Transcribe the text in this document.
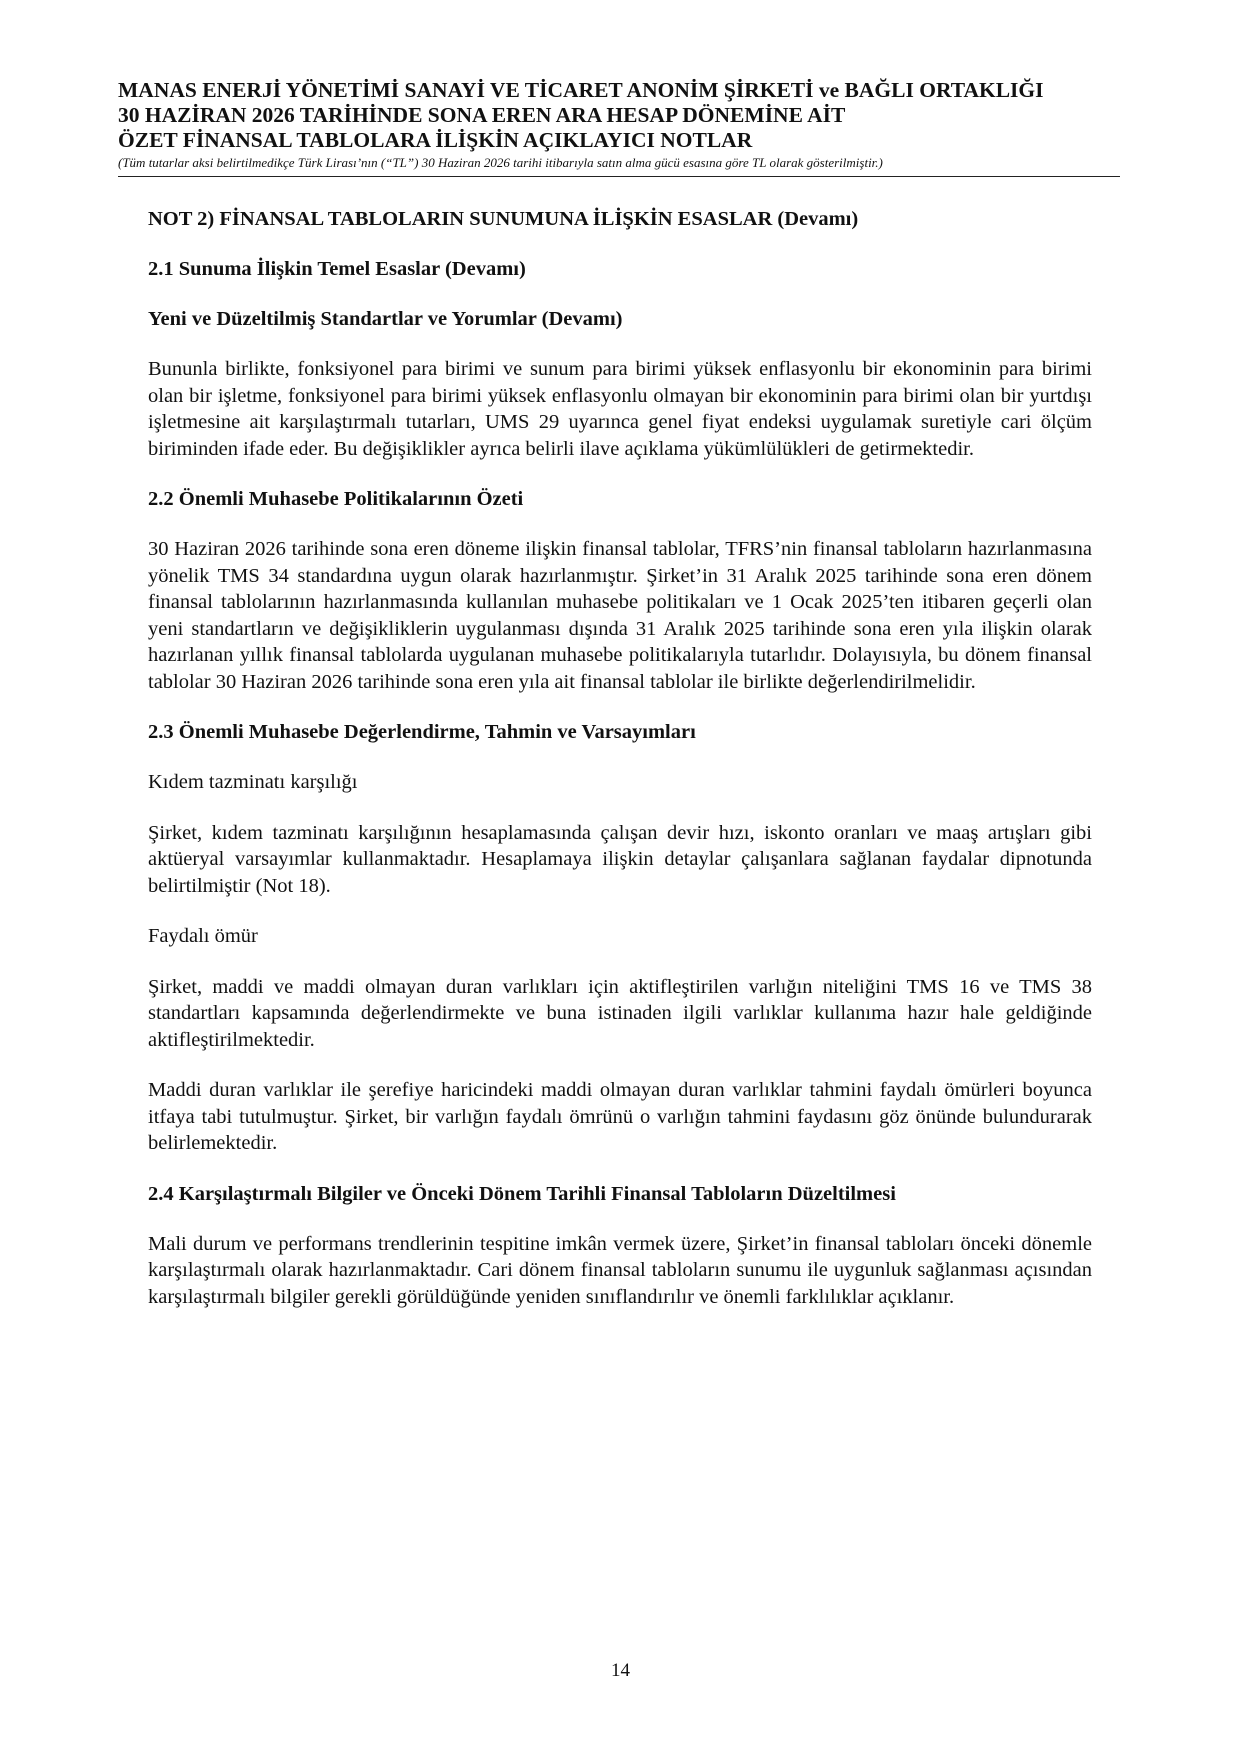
MANAS ENERJİ YÖNETİMİ SANAYİ VE TİCARET ANONİM ŞİRKETİ ve BAĞLI ORTAKLIĞI
30 HAZİRAN 2026 TARİHİNDE SONA EREN ARA HESAP DÖNEMİNE AİT
ÖZET FİNANSAL TABLOLARA İLİŞKİN AÇIKLAYICI NOTLAR
(Tüm tutarlar aksi belirtilmedikçe Türk Lirası’nın (“TL”) 30 Haziran 2026 tarihi itibarıyla satın alma gücü esasına göre TL olarak gösterilmiştir.)
NOT 2) FİNANSAL TABLOLARIN SUNUMUNA İLİŞKİN ESASLAR (Devamı)
2.1 Sunuma İlişkin Temel Esaslar (Devamı)
Yeni ve Düzeltilmiş Standartlar ve Yorumlar (Devamı)

Bununla birlikte, fonksiyonel para birimi ve sunum para birimi yüksek enflasyonlu bir ekonominin para birimi olan bir işletme, fonksiyonel para birimi yüksek enflasyonlu olmayan bir ekonominin para birimi olan bir yurtdışı işletmesine ait karşılaştırmalı tutarları, UMS 29 uyarınca genel fiyat endeksi uygulamak suretiyle cari ölçüm biriminden ifade eder. Bu değişiklikler ayrıca belirli ilave açıklama yükümlülükleri de getirmektedir.

2.2 Önemli Muhasebe Politikalarının Özeti

30 Haziran 2026 tarihinde sona eren döneme ilişkin finansal tablolar, TFRS’nin finansal tabloların hazırlanmasına yönelik TMS 34 standardına uygun olarak hazırlanmıştır. Şirket’in 31 Aralık 2025 tarihinde sona eren dönem finansal tablolarının hazırlanmasında kullanılan muhasebe politikaları ve 1 Ocak 2025’ten itibaren geçerli olan yeni standartların ve değişikliklerin uygulanması dışında 31 Aralık 2025 tarihinde sona eren yıla ilişkin olarak hazırlanan yıllık finansal tablolarda uygulanan muhasebe politikalarıyla tutarlıdır. Dolayısıyla, bu dönem finansal tablolar 30 Haziran 2026 tarihinde sona eren yıla ait finansal tablolar ile birlikte değerlendirilmelidir.

2.3 Önemli Muhasebe Değerlendirme, Tahmin ve Varsayımları

Kıdem tazminatı karşılığı

Şirket, kıdem tazminatı karşılığının hesaplamasında çalışan devir hızı, iskonto oranları ve maaş artışları gibi aktüeryal varsayımlar kullanmaktadır. Hesaplamaya ilişkin detaylar çalışanlara sağlanan faydalar dipnotunda belirtilmiştir (Not 18).

Faydalı ömür

Şirket, maddi ve maddi olmayan duran varlıkları için aktifleştirilen varlığın niteliğini TMS 16 ve TMS 38 standartları kapsamında değerlendirmekte ve buna istinaden ilgili varlıklar kullanıma hazır hale geldiğinde aktifleştirilmektedir.

Maddi duran varlıklar ile şerefiye haricindeki maddi olmayan duran varlıklar tahmini faydalı ömürleri boyunca itfaya tabi tutulmuştur. Şirket, bir varlığın faydalı ömrünü o varlığın tahmini faydasını göz önünde bulundurarak belirlemektedir.

2.4 Karşılaştırmalı Bilgiler ve Önceki Dönem Tarihli Finansal Tabloların Düzeltilmesi

Mali durum ve performans trendlerinin tespitine imkân vermek üzere, Şirket’in finansal tabloları önceki dönemle karşılaştırmalı olarak hazırlanmaktadır. Cari dönem finansal tabloların sunumu ile uygunluk sağlanması açısından karşılaştırmalı bilgiler gerekli görüldüğünde yeniden sınıflandırılır ve önemli farklılıklar açıklanır.

14
